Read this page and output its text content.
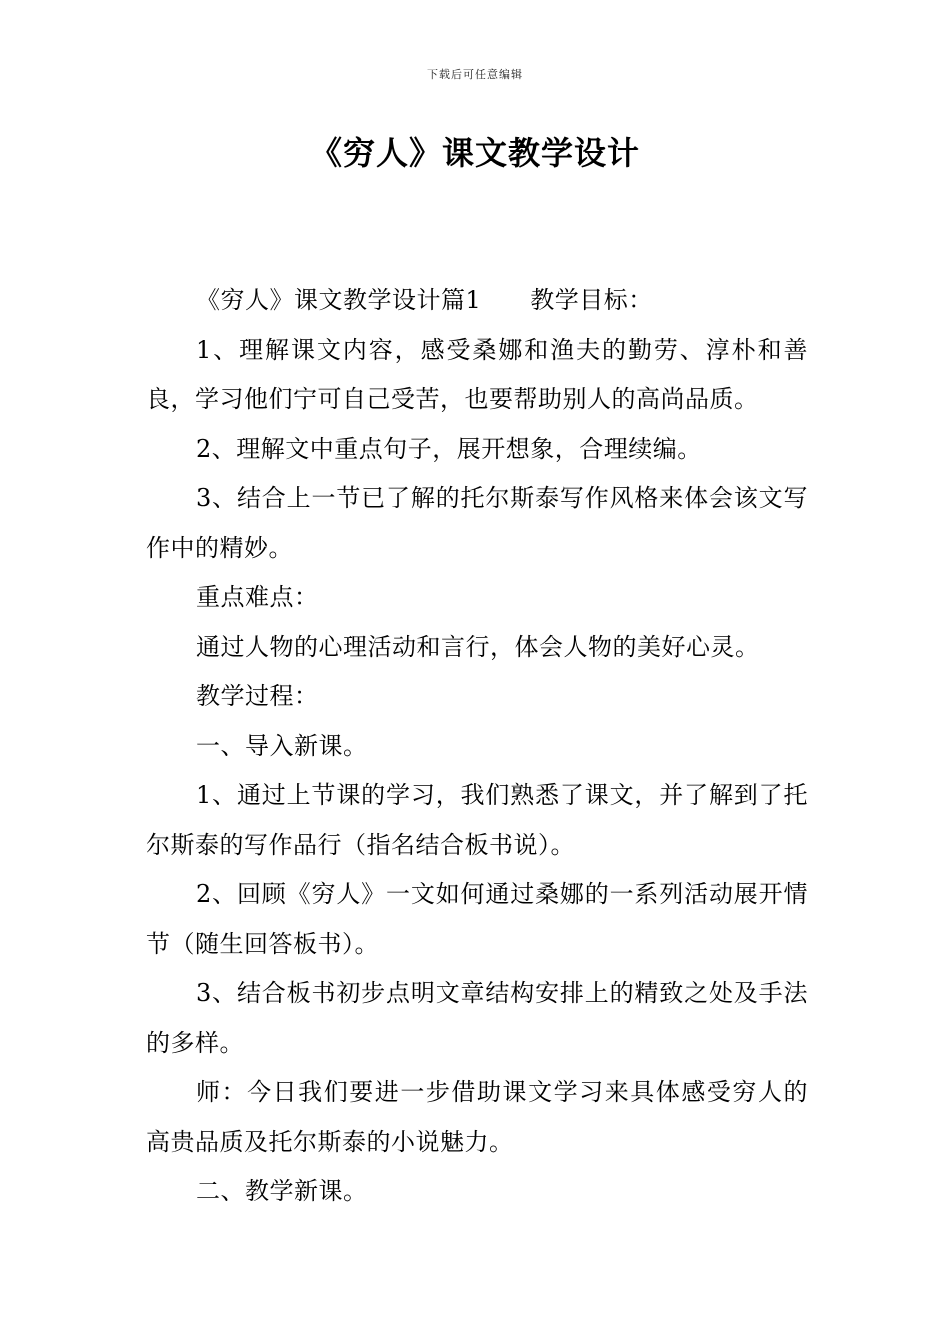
下载后可任意编辑
《穷人》课文教学设计

《穷人》课文教学设计篇1　　教学目标：

1、理解课文内容，感受桑娜和渔夫的勤劳、淳朴和善良，学习他们宁可自己受苦，也要帮助别人的高尚品质。

2、理解文中重点句子，展开想象，合理续编。

3、结合上一节已了解的托尔斯泰写作风格来体会该文写作中的精妙。

重点难点：

通过人物的心理活动和言行，体会人物的美好心灵。

教学过程：

一、导入新课。

1、通过上节课的学习，我们熟悉了课文，并了解到了托尔斯泰的写作品行（指名结合板书说）。

2、回顾《穷人》一文如何通过桑娜的一系列活动展开情节（随生回答板书）。

3、结合板书初步点明文章结构安排上的精致之处及手法的多样。

师：今日我们要进一步借助课文学习来具体感受穷人的高贵品质及托尔斯泰的小说魅力。

二、教学新课。
